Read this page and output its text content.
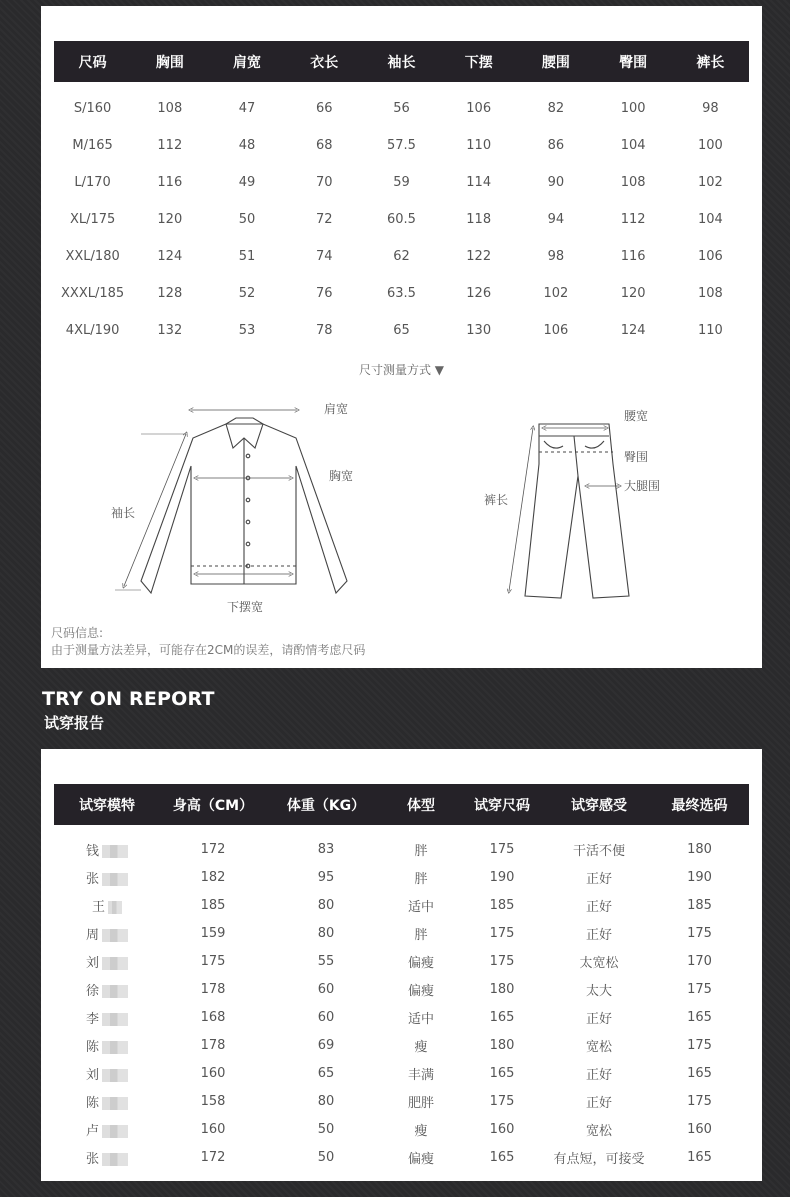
尺码	胸围	肩宽	衣长	袖长	下摆	腰围	臀围	裤长
S/160	108	47	66	56	106	82	100	98
M/165	112	48	68	57.5	110	86	104	100
L/170	116	49	70	59	114	90	108	102
XL/175	120	50	72	60.5	118	94	112	104
XXL/180	124	51	74	62	122	98	116	106
XXXL/185	128	52	76	63.5	126	102	120	108
4XL/190	132	53	78	65	130	106	124	110
尺寸测量方式 ▼
肩宽
胸宽
袖长
下摆宽
腰宽
臀围
大腿围
裤长
尺码信息:
由于测量方法差异，可能存在2CM的误差，请酌情考虑尺码
TRY ON REPORT
试穿报告
试穿模特	身高（CM）	体重（KG）	体型	试穿尺码	试穿感受	最终选码
钱	172	83	胖	175	干活不便	180
张	182	95	胖	190	正好	190
王	185	80	适中	185	正好	185
周	159	80	胖	175	正好	175
刘	175	55	偏瘦	175	太宽松	170
徐	178	60	偏瘦	180	太大	175
李	168	60	适中	165	正好	165
陈	178	69	瘦	180	宽松	175
刘	160	65	丰满	165	正好	165
陈	158	80	肥胖	175	正好	175
卢	160	50	瘦	160	宽松	160
张	172	50	偏瘦	165	有点短，可接受	165
